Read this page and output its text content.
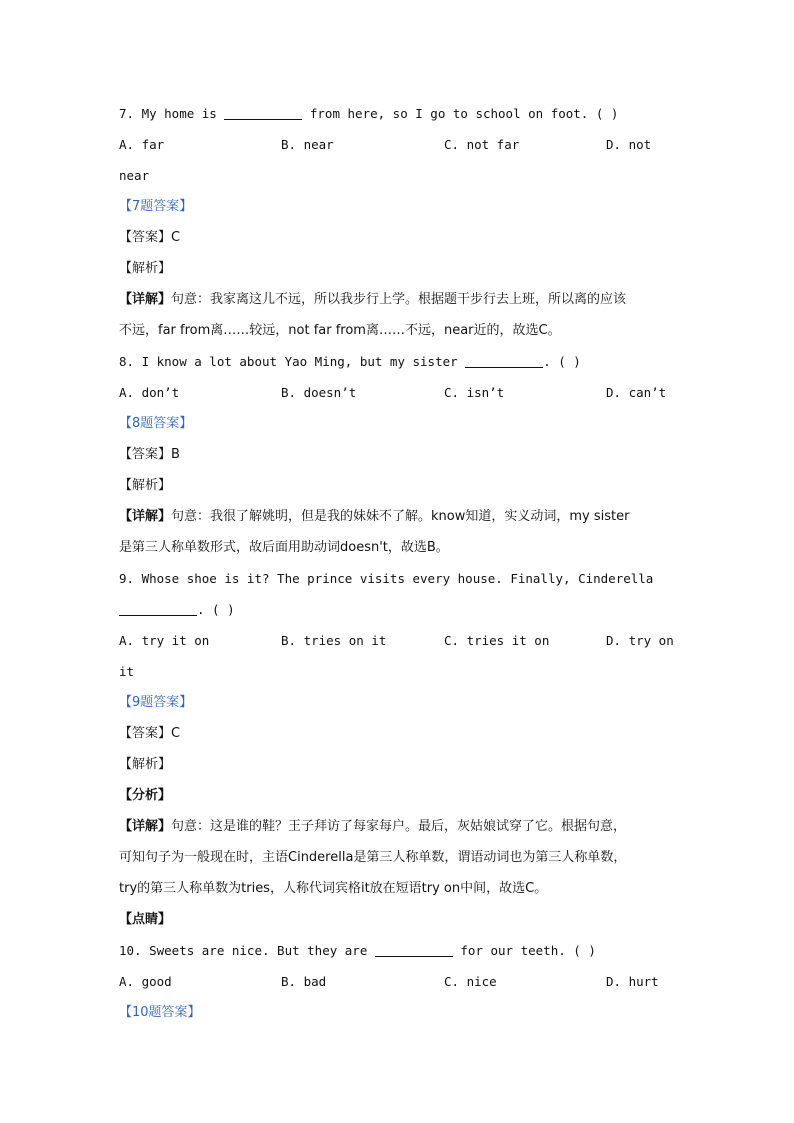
7. My home is	from here, so I go to school on foot. ( )
A. far	B. near	C. not far	D. not
near
【7题答案】
【答案】C
【解析】
【详解】句意：我家离这儿不远，所以我步行上学。根据题干步行去上班，所以离的应该
不远，far from离……较远，not far from离……不远，near近的，故选C。
8. I know a lot about Yao Ming, but my sister	. ( )
A. don’t	B. doesn’t	C. isn’t	D. can’t
【8题答案】
【答案】B
【解析】
【详解】句意：我很了解姚明，但是我的妹妹不了解。know知道，实义动词，my sister
是第三人称单数形式，故后面用助动词doesn't，故选B。
9. Whose shoe is it? The prince visits every house. Finally, Cinderella
. ( )
A. try it on	B. tries on it	C. tries it on	D. try on
it
【9题答案】
【答案】C
【解析】
【分析】
【详解】句意：这是谁的鞋？王子拜访了每家每户。最后，灰姑娘试穿了它。根据句意，
可知句子为一般现在时，主语Cinderella是第三人称单数，谓语动词也为第三人称单数，
try的第三人称单数为tries，人称代词宾格it放在短语try on中间，故选C。
【点睛】
10. Sweets are nice. But they are	for our teeth. ( )
A. good	B. bad	C. nice	D. hurt
【10题答案】
